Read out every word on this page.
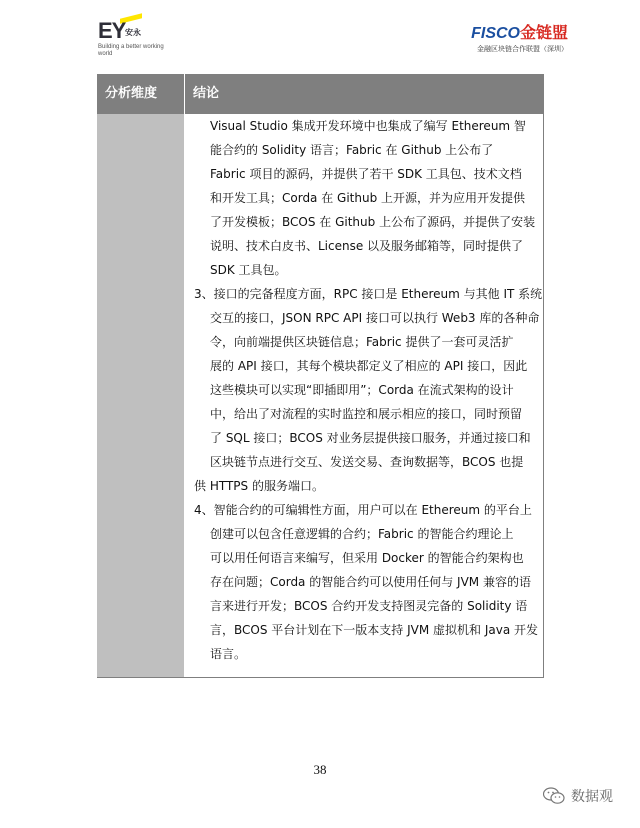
EY 安永
Building a better working world
FISCO金链盟
金融区块链合作联盟（深圳）
分析维度	结论
Visual Studio 集成开发环境中也集成了编写 Ethereum 智
能合约的 Solidity 语言；Fabric 在 Github 上公布了
Fabric 项目的源码，并提供了若干 SDK 工具包、技术文档
和开发工具；Corda 在 Github 上开源，并为应用开发提供
了开发模板；BCOS 在 Github 上公布了源码，并提供了安装
说明、技术白皮书、License 以及服务邮箱等，同时提供了
SDK 工具包。
3、接口的完备程度方面，RPC 接口是 Ethereum 与其他 IT 系统
交互的接口，JSON RPC API 接口可以执行 Web3 库的各种命
令，向前端提供区块链信息；Fabric 提供了一套可灵活扩
展的 API 接口，其每个模块都定义了相应的 API 接口，因此
这些模块可以实现“即插即用”；Corda 在流式架构的设计
中，给出了对流程的实时监控和展示相应的接口，同时预留
了 SQL 接口；BCOS 对业务层提供接口服务，并通过接口和
区块链节点进行交互、发送交易、查询数据等，BCOS 也提
供 HTTPS 的服务端口。
4、智能合约的可编辑性方面，用户可以在 Ethereum 的平台上
创建可以包含任意逻辑的合约；Fabric 的智能合约理论上
可以用任何语言来编写，但采用 Docker 的智能合约架构也
存在问题；Corda 的智能合约可以使用任何与 JVM 兼容的语
言来进行开发；BCOS 合约开发支持图灵完备的 Solidity 语
言，BCOS 平台计划在下一版本支持 JVM 虚拟机和 Java 开发
语言。
38
数据观
